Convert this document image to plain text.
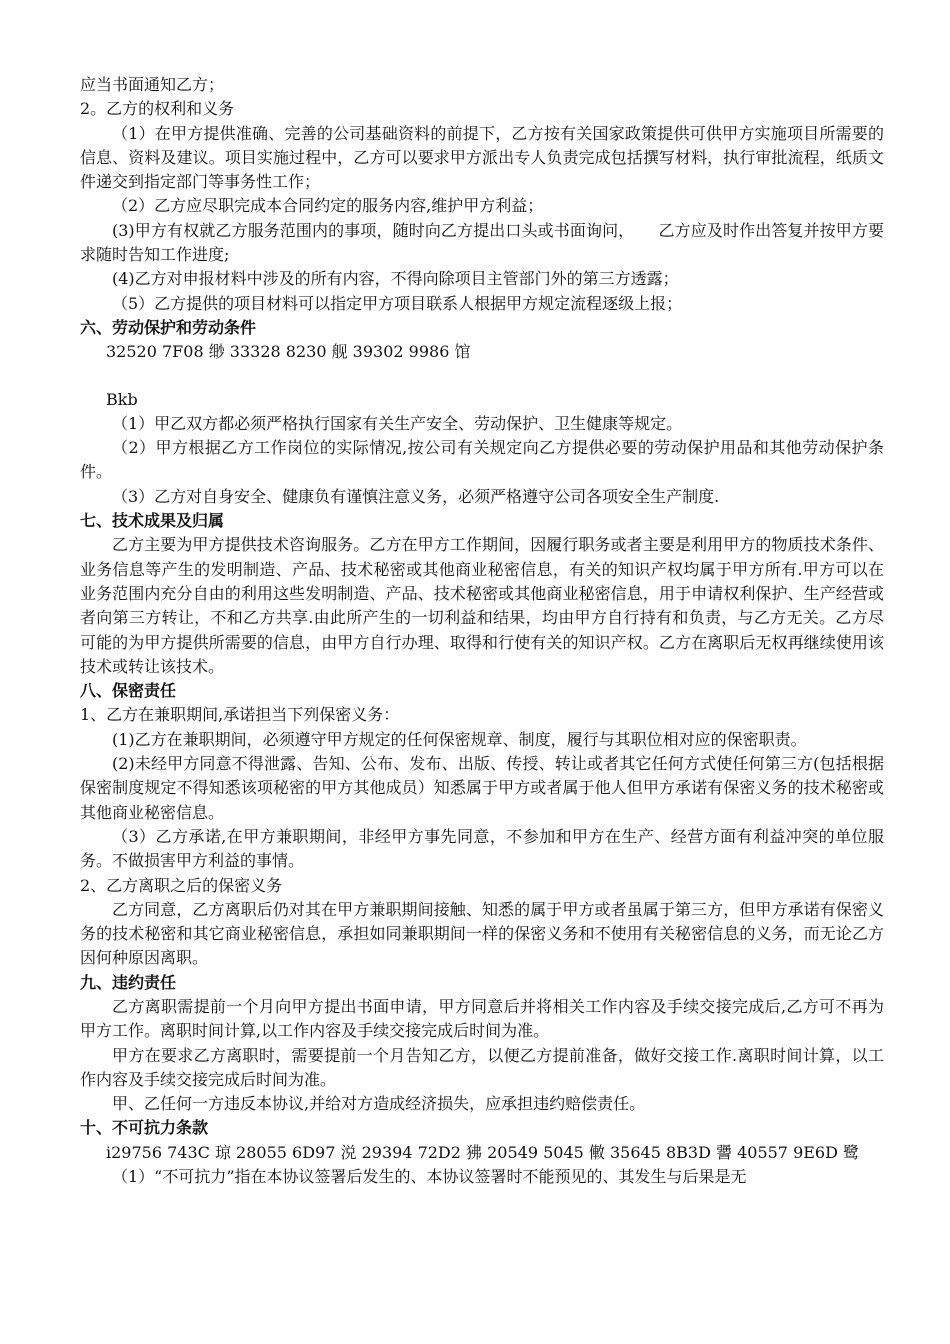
应当书面通知乙方；

2。乙方的权利和义务

（1）在甲方提供准确、完善的公司基础资料的前提下，乙方按有关国家政策提供可供甲方实施项目所需要的信息、资料及建议。项目实施过程中，乙方可以要求甲方派出专人负责完成包括撰写材料，执行审批流程，纸质文件递交到指定部门等事务性工作；

（2）乙方应尽职完成本合同约定的服务内容,维护甲方利益；

(3)甲方有权就乙方服务范围内的事项，随时向乙方提出口头或书面询问，　　乙方应及时作出答复并按甲方要求随时告知工作进度;

(4)乙方对申报材料中涉及的所有内容，不得向除项目主管部门外的第三方透露；

（5）乙方提供的项目材料可以指定甲方项目联系人根据甲方规定流程逐级上报；

六、劳动保护和劳动条件

32520 7F08 缈 33328 8230 舰 39302 9986 馆

Bkb

（1）甲乙双方都必须严格执行国家有关生产安全、劳动保护、卫生健康等规定。

（2）甲方根据乙方工作岗位的实际情况,按公司有关规定向乙方提供必要的劳动保护用品和其他劳动保护条件。

（3）乙方对自身安全、健康负有谨慎注意义务，必须严格遵守公司各项安全生产制度.

七、技术成果及归属

乙方主要为甲方提供技术咨询服务。乙方在甲方工作期间，因履行职务或者主要是利用甲方的物质技术条件、业务信息等产生的发明制造、产品、技术秘密或其他商业秘密信息，有关的知识产权均属于甲方所有.甲方可以在业务范围内充分自由的利用这些发明制造、产品、技术秘密或其他商业秘密信息，用于申请权利保护、生产经营或者向第三方转让，不和乙方共享.由此所产生的一切利益和结果，均由甲方自行持有和负责，与乙方无关。乙方尽可能的为甲方提供所需要的信息，由甲方自行办理、取得和行使有关的知识产权。乙方在离职后无权再继续使用该技术或转让该技术。

八、保密责任

1、乙方在兼职期间,承诺担当下列保密义务：

(1)乙方在兼职期间，必须遵守甲方规定的任何保密规章、制度，履行与其职位相对应的保密职责。

(2)未经甲方同意不得泄露、告知、公布、发布、出版、传授、转让或者其它任何方式使任何第三方(包括根据保密制度规定不得知悉该项秘密的甲方其他成员）知悉属于甲方或者属于他人但甲方承诺有保密义务的技术秘密或其他商业秘密信息。

（3）乙方承诺,在甲方兼职期间，非经甲方事先同意，不参加和甲方在生产、经营方面有利益冲突的单位服务。不做损害甲方利益的事情。

2、乙方离职之后的保密义务

乙方同意，乙方离职后仍对其在甲方兼职期间接触、知悉的属于甲方或者虽属于第三方，但甲方承诺有保密义务的技术秘密和其它商业秘密信息，承担如同兼职期间一样的保密义务和不使用有关秘密信息的义务，而无论乙方因何种原因离职。

九、违约责任

乙方离职需提前一个月向甲方提出书面申请，甲方同意后并将相关工作内容及手续交接完成后,乙方可不再为甲方工作。离职时间计算,以工作内容及手续交接完成后时间为准。

甲方在要求乙方离职时，需要提前一个月告知乙方，以便乙方提前准备，做好交接工作.离职时间计算，以工作内容及手续交接完成后时间为准。

甲、乙任何一方违反本协议,并给对方造成经济损失，应承担违约赔偿责任。

十、不可抗力条款

i29756 743C 琼 28055 6D97 涚 29394 72D2 狒 20549 5045 僌 35645 8B3D 謽 40557 9E6D 鹭

（1）“不可抗力”指在本协议签署后发生的、本协议签署时不能预见的、其发生与后果是无
